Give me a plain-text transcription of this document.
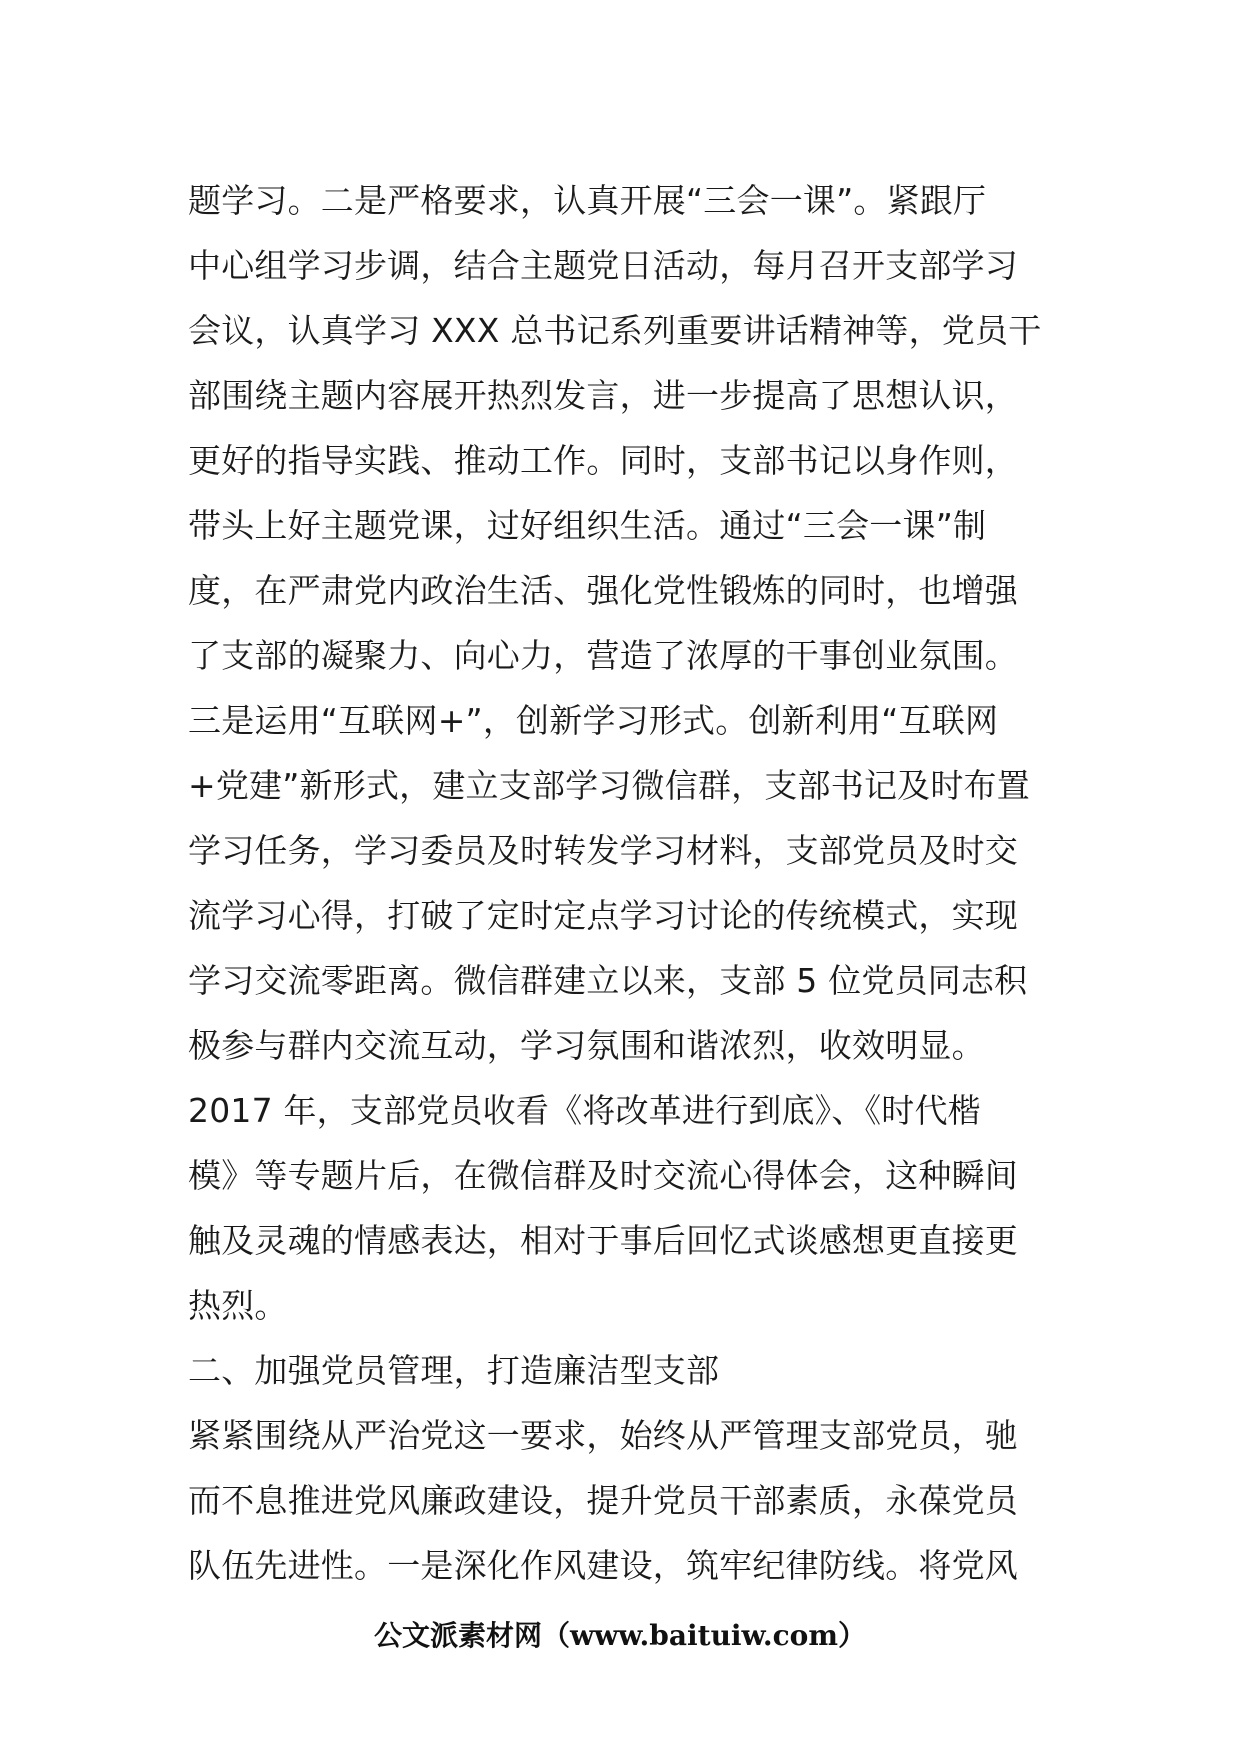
题学习。二是严格要求，认真开展“三会一课”。紧跟厅
中心组学习步调，结合主题党日活动，每月召开支部学习
会议，认真学习 XXX 总书记系列重要讲话精神等，党员干
部围绕主题内容展开热烈发言，进一步提高了思想认识，
更好的指导实践、推动工作。同时，支部书记以身作则，
带头上好主题党课，过好组织生活。通过“三会一课”制
度，在严肃党内政治生活、强化党性锻炼的同时，也增强
了支部的凝聚力、向心力，营造了浓厚的干事创业氛围。
三是运用“互联网+”，创新学习形式。创新利用“互联网
+党建”新形式，建立支部学习微信群，支部书记及时布置
学习任务，学习委员及时转发学习材料，支部党员及时交
流学习心得，打破了定时定点学习讨论的传统模式，实现
学习交流零距离。微信群建立以来，支部 5 位党员同志积
极参与群内交流互动，学习氛围和谐浓烈，收效明显。
2017 年，支部党员收看《将改革进行到底》、《时代楷
模》等专题片后，在微信群及时交流心得体会，这种瞬间
触及灵魂的情感表达，相对于事后回忆式谈感想更直接更
热烈。
二、加强党员管理，打造廉洁型支部
紧紧围绕从严治党这一要求，始终从严管理支部党员，驰
而不息推进党风廉政建设，提升党员干部素质，永葆党员
队伍先进性。一是深化作风建设，筑牢纪律防线。将党风
公文派素材网（www.baituiw.com）
